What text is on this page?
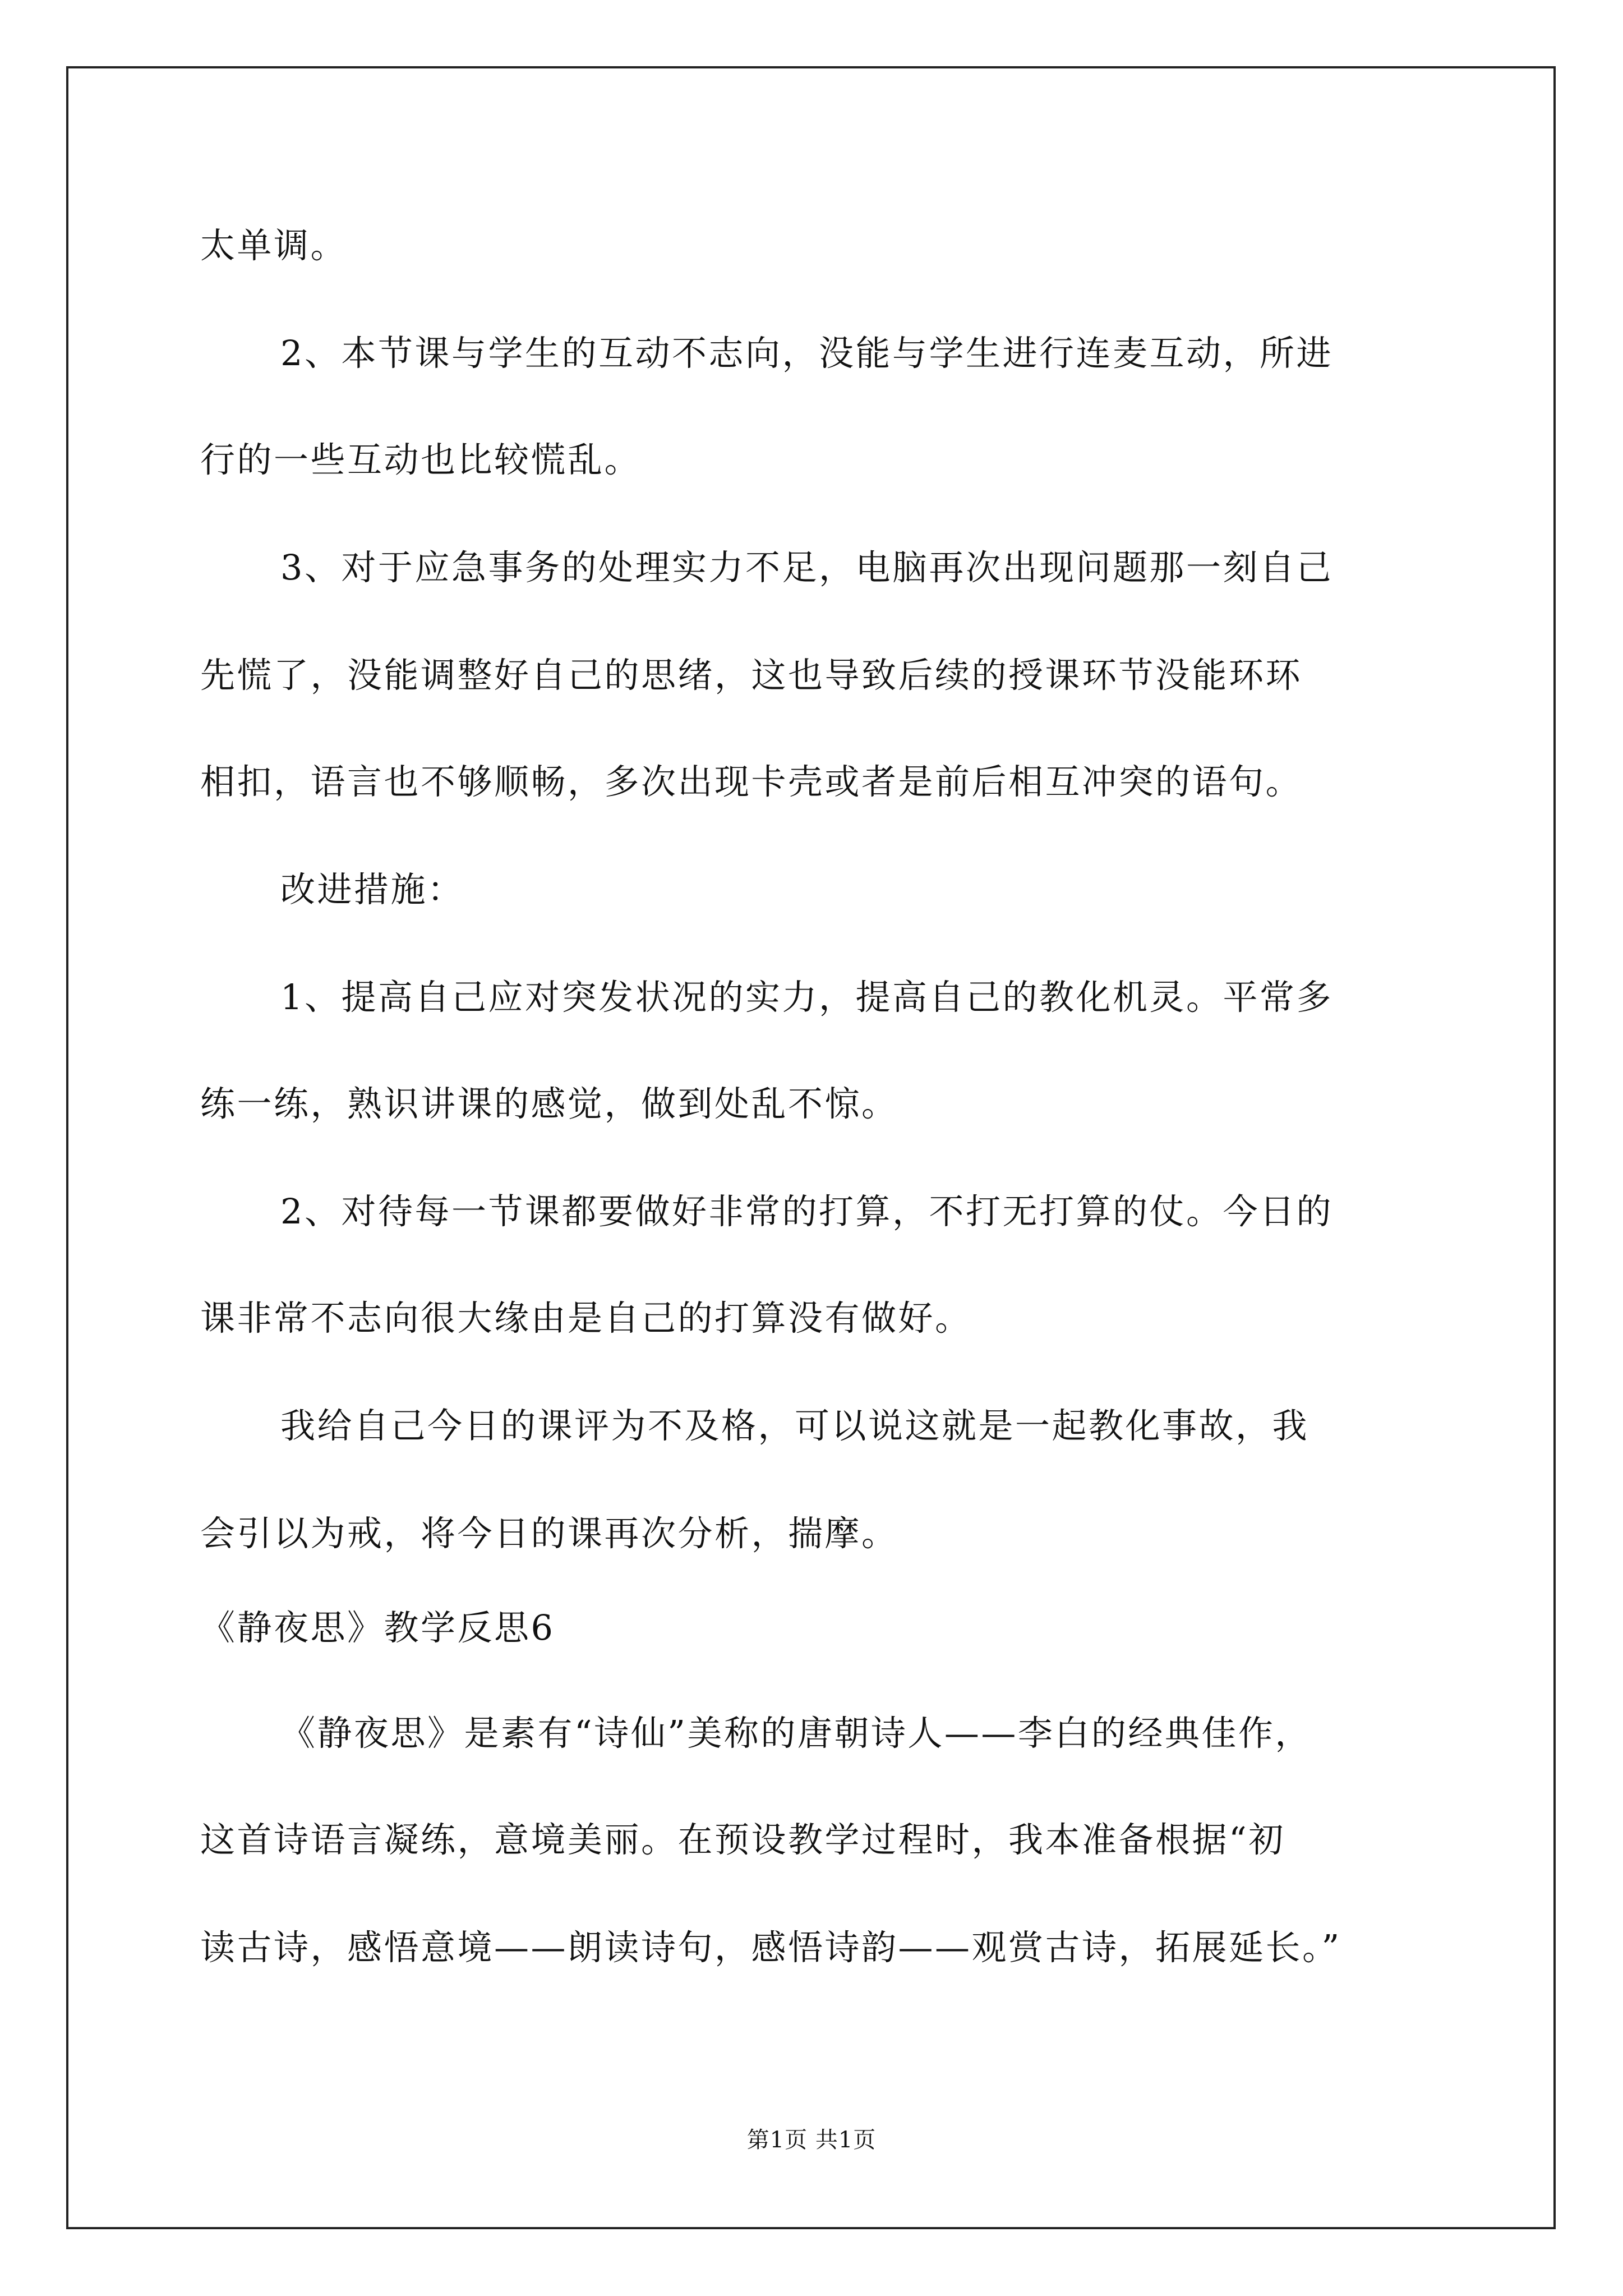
太单调。
2、本节课与学生的互动不志向，没能与学生进行连麦互动，所进
行的一些互动也比较慌乱。
3、对于应急事务的处理实力不足，电脑再次出现问题那一刻自己
先慌了，没能调整好自己的思绪，这也导致后续的授课环节没能环环
相扣，语言也不够顺畅，多次出现卡壳或者是前后相互冲突的语句。
改进措施：
1、提高自己应对突发状况的实力，提高自己的教化机灵。平常多
练一练，熟识讲课的感觉，做到处乱不惊。
2、对待每一节课都要做好非常的打算，不打无打算的仗。今日的
课非常不志向很大缘由是自己的打算没有做好。
我给自己今日的课评为不及格，可以说这就是一起教化事故，我
会引以为戒，将今日的课再次分析，揣摩。
《静夜思》教学反思6
《静夜思》是素有“诗仙”美称的唐朝诗人——李白的经典佳作，
这首诗语言凝练，意境美丽。在预设教学过程时，我本准备根据“初
读古诗，感悟意境——朗读诗句，感悟诗韵——观赏古诗，拓展延长。”
第1页 共1页
